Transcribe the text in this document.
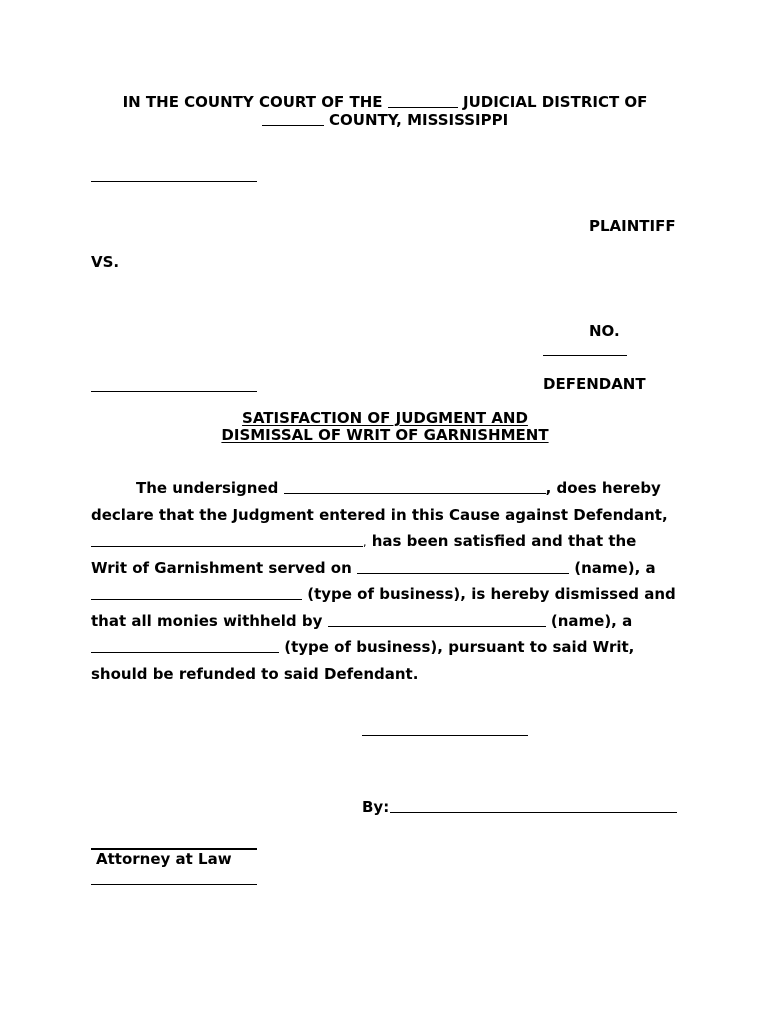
IN THE COUNTY COURT OF THE	JUDICIAL DISTRICT OF
COUNTY, MISSISSIPPI
PLAINTIFF
VS.
NO.
DEFENDANT
SATISFACTION OF JUDGMENT AND
DISMISSAL OF WRIT OF GARNISHMENT
The undersigned	, does hereby
declare that the Judgment entered in this Cause against Defendant,
, has been satisfied and that the
Writ of Garnishment served on	(name), a
(type of business), is hereby dismissed and
that all monies withheld by	(name), a
(type of business), pursuant to said Writ,
should be refunded to said Defendant.
By:
Attorney at Law
